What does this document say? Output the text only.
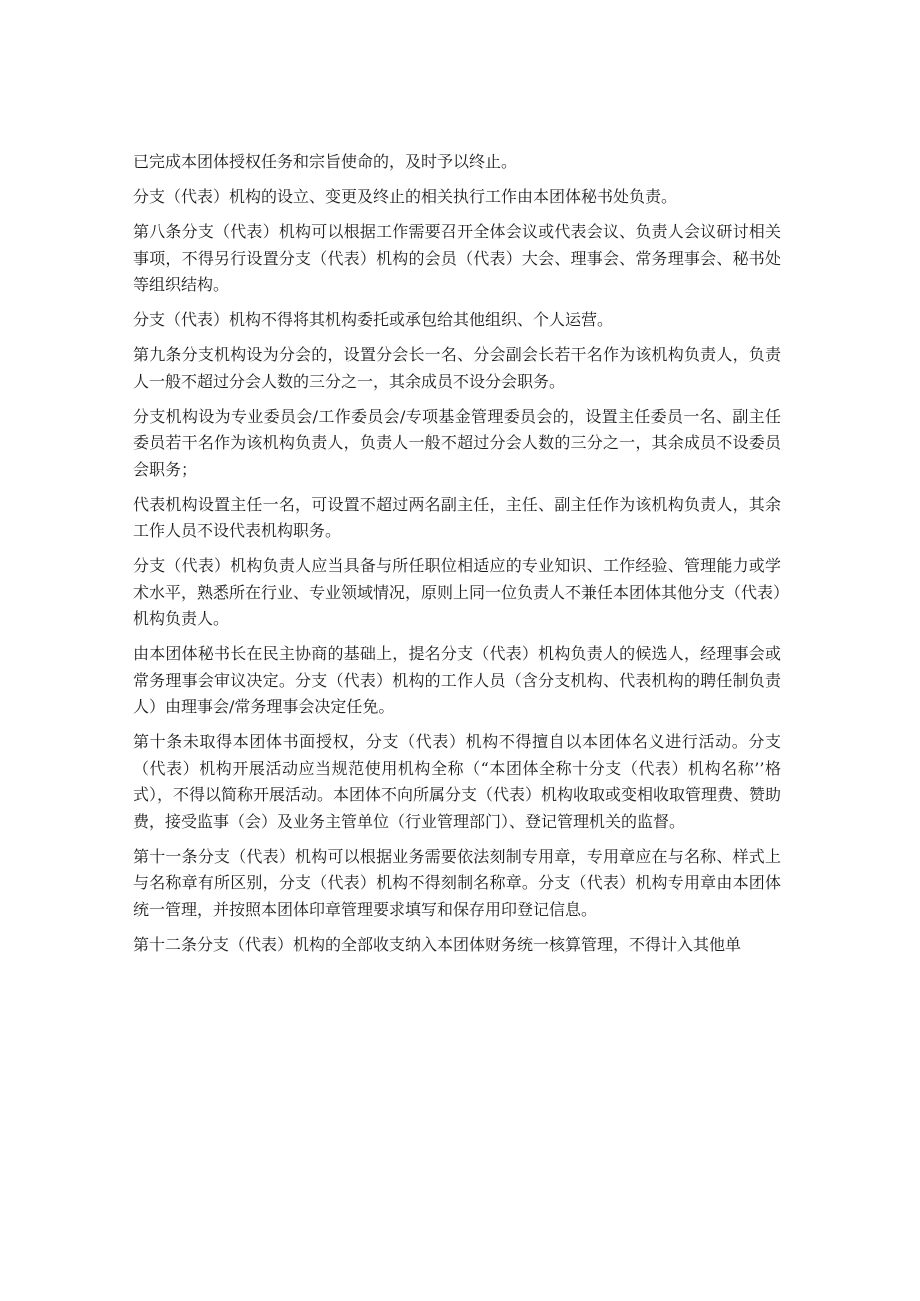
已完成本团体授权任务和宗旨使命的，及时予以终止。

分支（代表）机构的设立、变更及终止的相关执行工作由本团体秘书处负责。

第八条分支（代表）机构可以根据工作需要召开全体会议或代表会议、负责人会议研讨相关事项，不得另行设置分支（代表）机构的会员（代表）大会、理事会、常务理事会、秘书处等组织结构。

分支（代表）机构不得将其机构委托或承包给其他组织、个人运营。

第九条分支机构设为分会的，设置分会长一名、分会副会长若干名作为该机构负责人，负责人一般不超过分会人数的三分之一，其余成员不设分会职务。

分支机构设为专业委员会/工作委员会/专项基金管理委员会的，设置主任委员一名、副主任委员若干名作为该机构负责人，负责人一般不超过分会人数的三分之一，其余成员不设委员会职务；

代表机构设置主任一名，可设置不超过两名副主任，主任、副主任作为该机构负责人，其余工作人员不设代表机构职务。

分支（代表）机构负责人应当具备与所任职位相适应的专业知识、工作经验、管理能力或学术水平，熟悉所在行业、专业领域情况，原则上同一位负责人不兼任本团体其他分支（代表）机构负责人。

由本团体秘书长在民主协商的基础上，提名分支（代表）机构负责人的候选人，经理事会或常务理事会审议决定。分支（代表）机构的工作人员（含分支机构、代表机构的聘任制负责人）由理事会/常务理事会决定任免。

第十条未取得本团体书面授权，分支（代表）机构不得擅自以本团体名义进行活动。分支（代表）机构开展活动应当规范使用机构全称（“本团体全称十分支（代表）机构名称’’格式），不得以简称开展活动。本团体不向所属分支（代表）机构收取或变相收取管理费、赞助费，接受监事（会）及业务主管单位（行业管理部门）、登记管理机关的监督。

第十一条分支（代表）机构可以根据业务需要依法刻制专用章，专用章应在与名称、样式上与名称章有所区别，分支（代表）机构不得刻制名称章。分支（代表）机构专用章由本团体统一管理，并按照本团体印章管理要求填写和保存用印登记信息。

第十二条分支（代表）机构的全部收支纳入本团体财务统一核算管理，不得计入其他单
